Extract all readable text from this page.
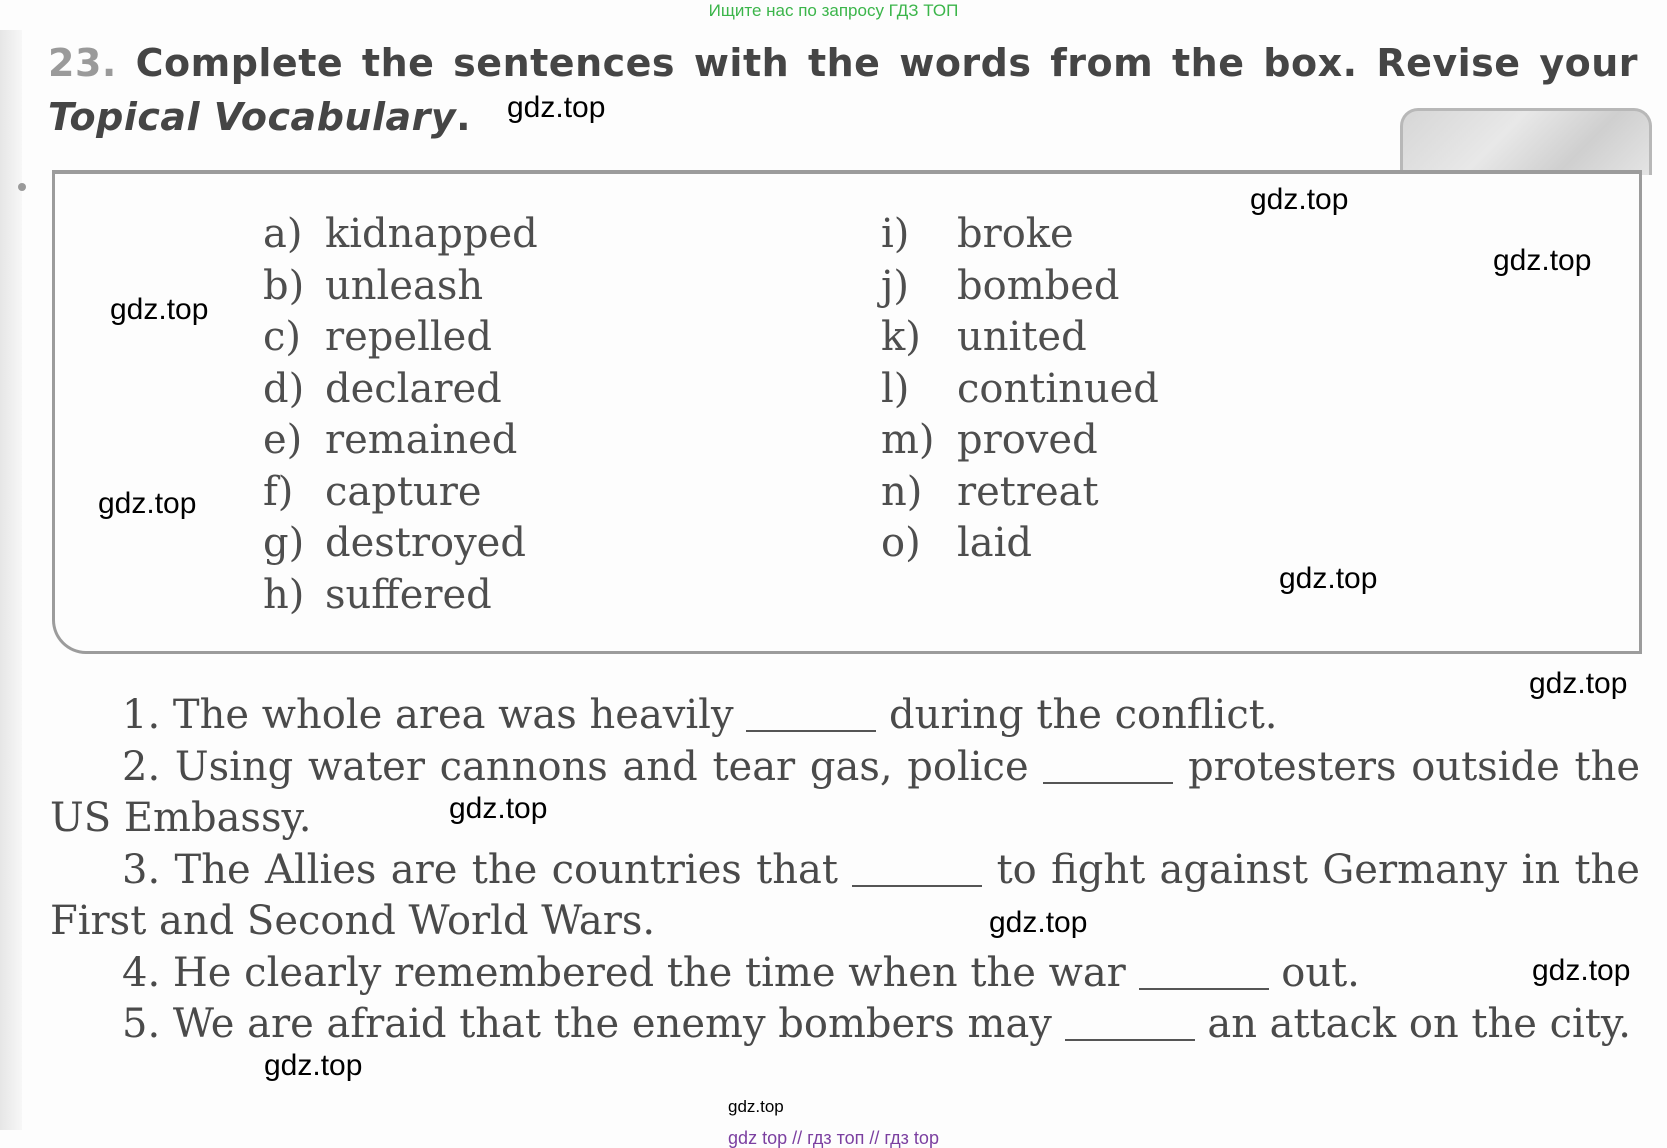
Ищите нас по запросу ГДЗ ТОП
23. Complete the sentences with the words from the box. Revise your
Topical Vocabulary.
a) kidnapped
b) unleash
c) repelled
d) declared
e) remained
f) capture
g) destroyed
h) suffered
i) broke
j) bombed
k) united
l) continued
m) proved
n) retreat
o) laid

1. The whole area was heavily	during the conflict.

2. Using water cannons and tear gas, police	protesters outside the US Embassy.

3. The Allies are the countries that	to fight against Germany in the First and Second World Wars.

4. He clearly remembered the time when the war	out.

5. We are afraid that the enemy bombers may	an attack on the city.

gdz.top
gdz.top
gdz.top
gdz.top
gdz.top
gdz.top
gdz.top
gdz.top
gdz.top
gdz.top
gdz.top
gdz.top
gdz top // гдз топ // гдз top
